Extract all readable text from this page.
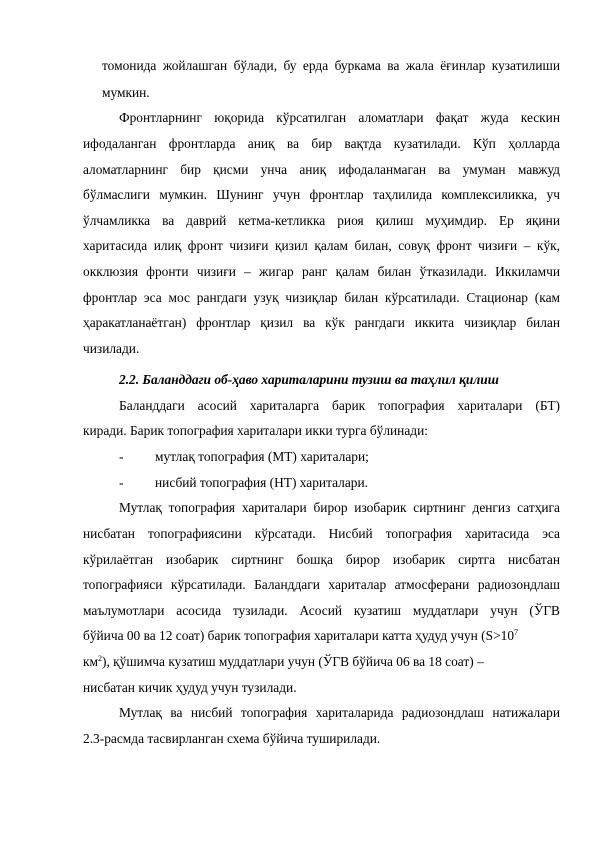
томонида жойлашган бўлади, бу ерда буркама ва жала ёғинлар кузатилиши
мумкин.
Фронтларнинг юқорида кўрсатилган аломатлари фақат жуда кескин
ифодаланган фронтларда аниқ ва бир вақтда кузатилади. Кўп ҳолларда
аломатларнинг бир қисми унча аниқ ифодаланмаган ва умуман мавжуд
бўлмаслиги мумкин. Шунинг учун фронтлар таҳлилида комплексиликка, уч
ўлчамликка ва даврий кетма-кетликка риоя қилиш муҳимдир. Ер яқини
харитасида илиқ фронт чизиғи қизил қалам билан, совуқ фронт чизиғи – кўк,
окклюзия фронти чизиғи – жигар ранг қалам билан ўтказилади. Иккиламчи
фронтлар эса мос рангдаги узуқ чизиқлар билан кўрсатилади. Стационар (кам
ҳаракатланаётган) фронтлар қизил ва кўк рангдаги иккита чизиқлар билан
чизилади.
2.2. Баланддаги об-ҳаво хариталарини тузиш ва таҳлил қилиш
Баланддаги асосий хариталарга барик топография хариталари (БТ)
киради. Барик топография хариталари икки турга бўлинади:
-	мутлақ топография (МТ) хариталари;
-	нисбий топография (НТ) хариталари.
Мутлақ топография хариталари бирор изобарик сиртнинг денгиз сатҳига
нисбатан топографиясини кўрсатади. Нисбий топография харитасида эса
кўрилаётган изобарик сиртнинг бошқа бирор изобарик сиртга нисбатан
топографияси кўрсатилади. Баланддаги хариталар атмосферани радиозондлаш
маълумотлари асосида тузилади. Асосий кузатиш муддатлари учун (ЎГВ
бўйича 00 ва 12 соат) барик топография хариталари катта ҳудуд учун ($S>10^7$
$км^2$), қўшимча кузатиш муддатлари учун (ЎГВ бўйича 06 ва 18 соат) –
нисбатан кичик ҳудуд учун тузилади.
Мутлақ ва нисбий топография хариталарида радиозондлаш натижалари
2.3-расмда тасвирланган схема бўйича туширилади.
